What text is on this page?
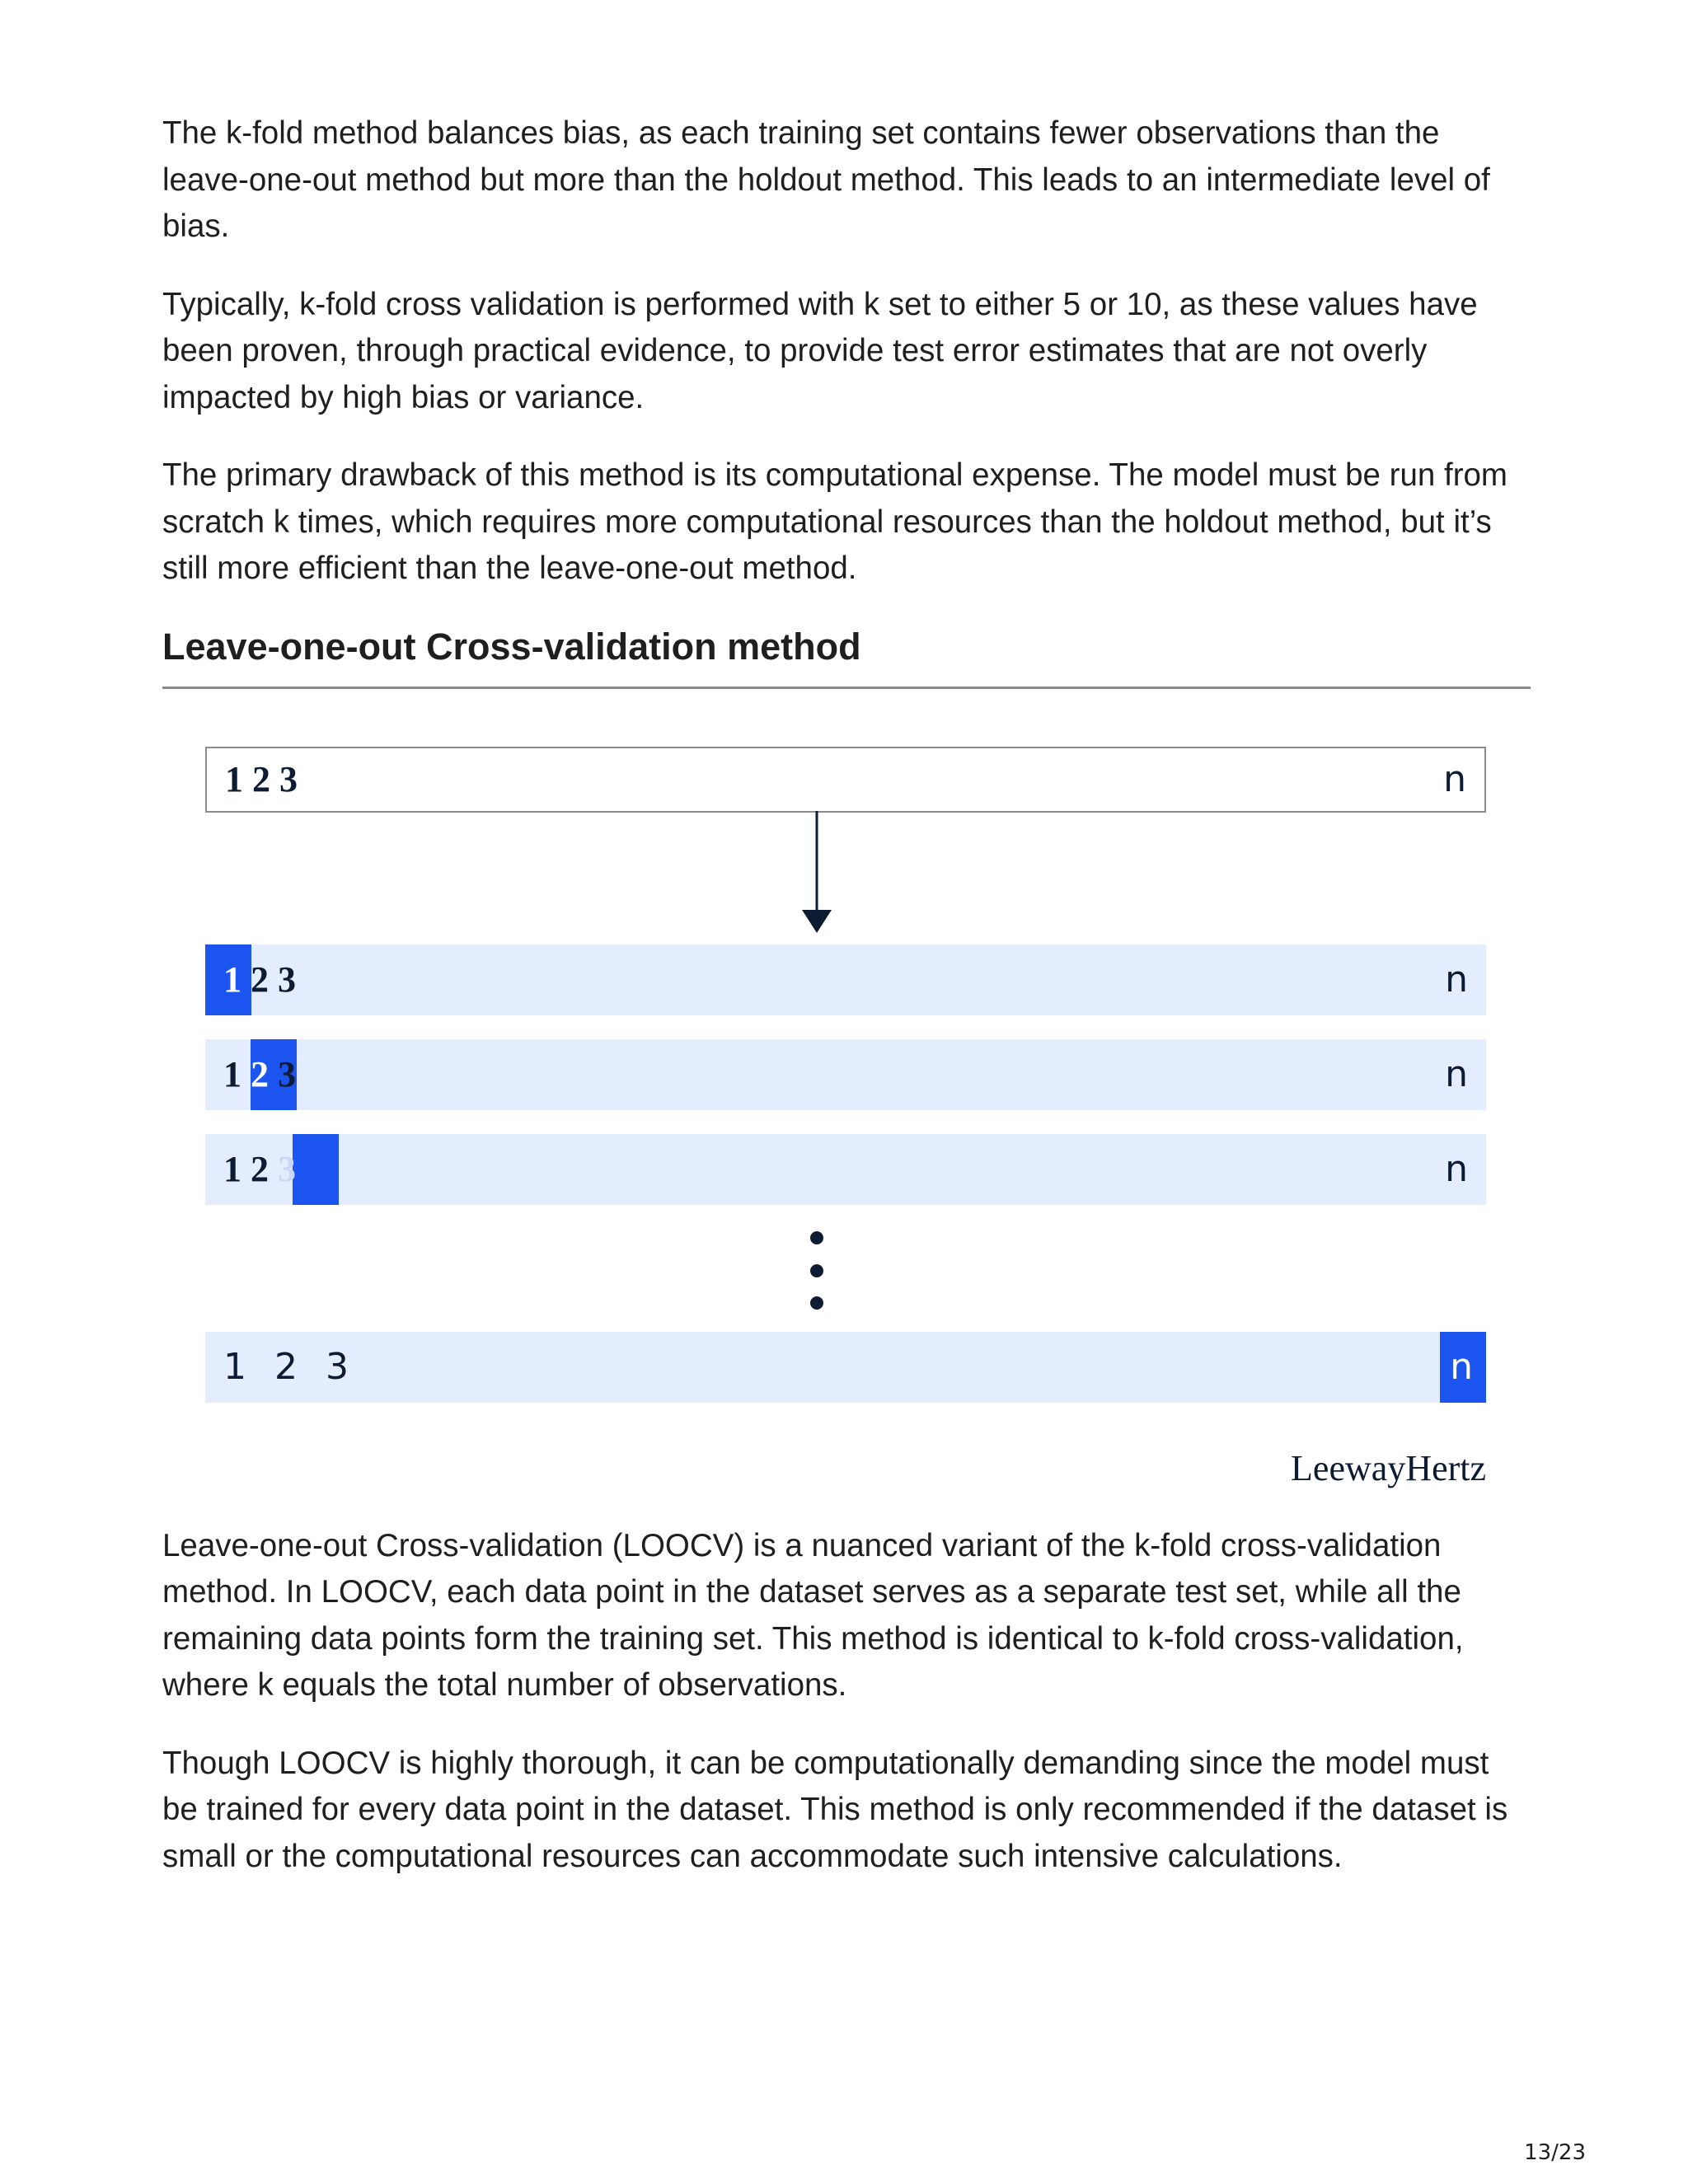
The k-fold method balances bias, as each training set contains fewer observations than the leave-one-out method but more than the holdout method. This leads to an intermediate level of bias.

Typically, k-fold cross validation is performed with k set to either 5 or 10, as these values have been proven, through practical evidence, to provide test error estimates that are not overly impacted by high bias or variance.

The primary drawback of this method is its computational expense. The model must be run from scratch k times, which requires more computational resources than the holdout method, but it’s still more efficient than the leave-one-out method.

Leave-one-out Cross-validation method
1
2
3	n
1
2
3	n
1
2
3	n
1
2
3	n
1
2
3	n
LeewayHertz

Leave-one-out Cross-validation (LOOCV) is a nuanced variant of the k-fold cross-validation method. In LOOCV, each data point in the dataset serves as a separate test set, while all the remaining data points form the training set. This method is identical to k-fold cross-validation, where k equals the total number of observations.

Though LOOCV is highly thorough, it can be computationally demanding since the model must be trained for every data point in the dataset. This method is only recommended if the dataset is small or the computational resources can accommodate such intensive calculations.

13/23
